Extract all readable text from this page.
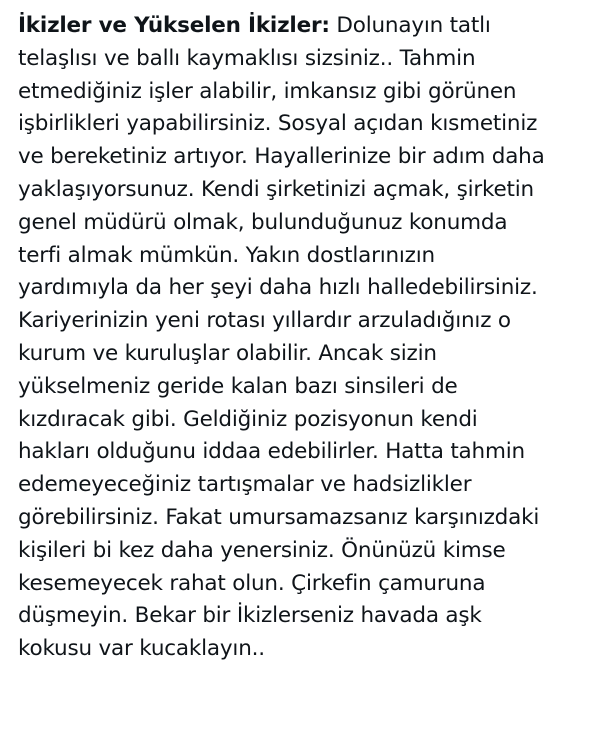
İkizler ve Yükselen İkizler: Dolunayın tatlı
telaşlısı ve ballı kaymaklısı sizsiniz.. Tahmin
etmediğiniz işler alabilir, imkansız gibi görünen
işbirlikleri yapabilirsiniz. Sosyal açıdan kısmetiniz
ve bereketiniz artıyor. Hayallerinize bir adım daha
yaklaşıyorsunuz. Kendi şirketinizi açmak, şirketin
genel müdürü olmak, bulunduğunuz konumda
terfi almak mümkün. Yakın dostlarınızın
yardımıyla da her şeyi daha hızlı halledebilirsiniz.
Kariyerinizin yeni rotası yıllardır arzuladığınız o
kurum ve kuruluşlar olabilir. Ancak sizin
yükselmeniz geride kalan bazı sinsileri de
kızdıracak gibi. Geldiğiniz pozisyonun kendi
hakları olduğunu iddaa edebilirler. Hatta tahmin
edemeyeceğiniz tartışmalar ve hadsizlikler
görebilirsiniz. Fakat umursamazsanız karşınızdaki
kişileri bi kez daha yenersiniz. Önünüzü kimse
kesemeyecek rahat olun. Çirkefin çamuruna
düşmeyin. Bekar bir İkizlerseniz havada aşk
kokusu var kucaklayın..
